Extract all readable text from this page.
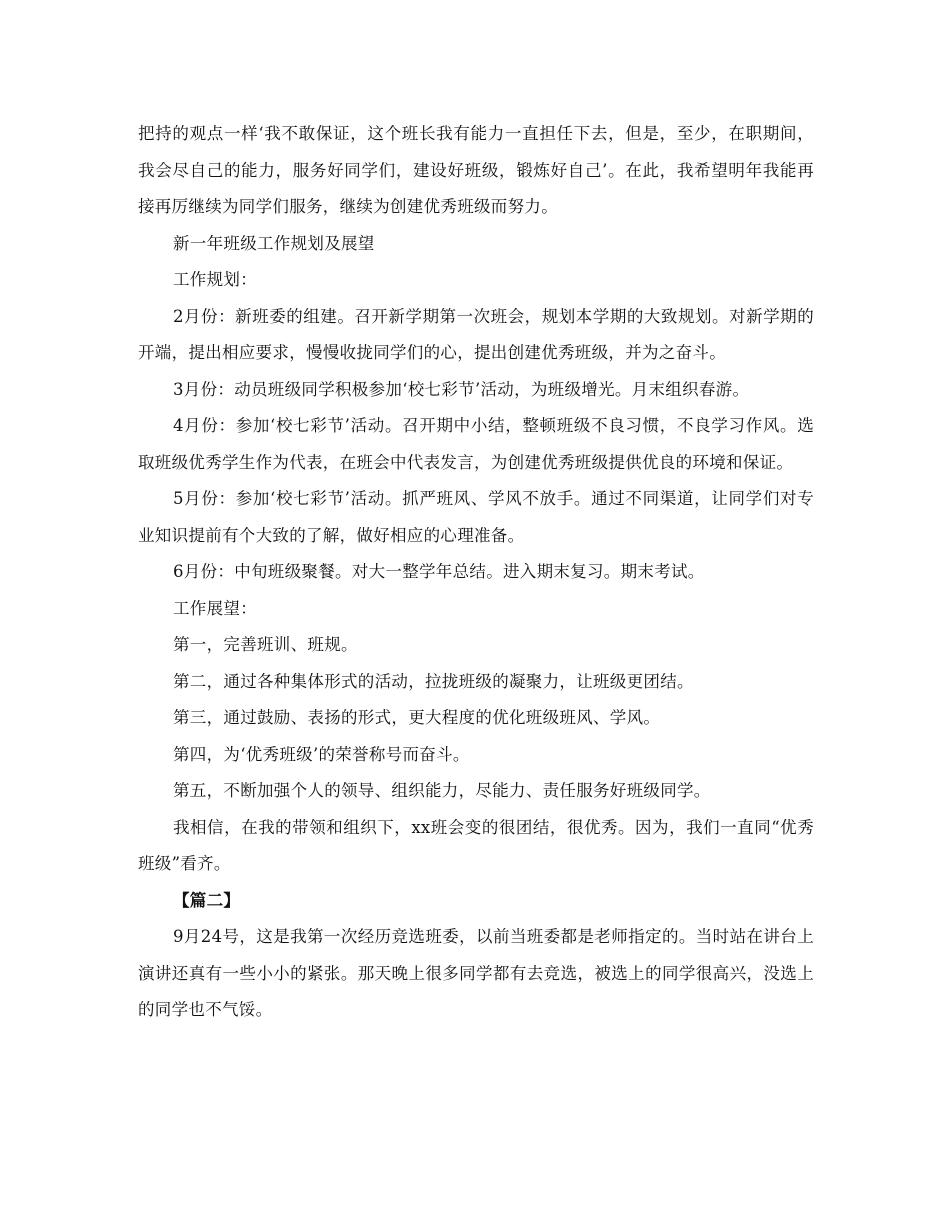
把持的观点一样‘我不敢保证，这个班长我有能力一直担任下去，但是，至少，在职期间，我会尽自己的能力，服务好同学们，建设好班级，锻炼好自己’。在此，我希望明年我能再接再厉继续为同学们服务，继续为创建优秀班级而努力。

新一年班级工作规划及展望

工作规划：

2月份：新班委的组建。召开新学期第一次班会，规划本学期的大致规划。对新学期的开端，提出相应要求，慢慢收拢同学们的心，提出创建优秀班级，并为之奋斗。

3月份：动员班级同学积极参加‘校七彩节’活动，为班级增光。月末组织春游。

4月份：参加‘校七彩节’活动。召开期中小结，整顿班级不良习惯，不良学习作风。选取班级优秀学生作为代表，在班会中代表发言，为创建优秀班级提供优良的环境和保证。

5月份：参加‘校七彩节’活动。抓严班风、学风不放手。通过不同渠道，让同学们对专业知识提前有个大致的了解，做好相应的心理准备。

6月份：中旬班级聚餐。对大一整学年总结。进入期末复习。期末考试。

工作展望：

第一，完善班训、班规。

第二，通过各种集体形式的活动，拉拢班级的凝聚力，让班级更团结。

第三，通过鼓励、表扬的形式，更大程度的优化班级班风、学风。

第四，为‘优秀班级’的荣誉称号而奋斗。

第五，不断加强个人的领导、组织能力，尽能力、责任服务好班级同学。

我相信，在我的带领和组织下，xx班会变的很团结，很优秀。因为，我们一直同“优秀班级”看齐。

【篇二】

9月24号，这是我第一次经历竞选班委，以前当班委都是老师指定的。当时站在讲台上演讲还真有一些小小的紧张。那天晚上很多同学都有去竞选，被选上的同学很高兴，没选上的同学也不气馁。
